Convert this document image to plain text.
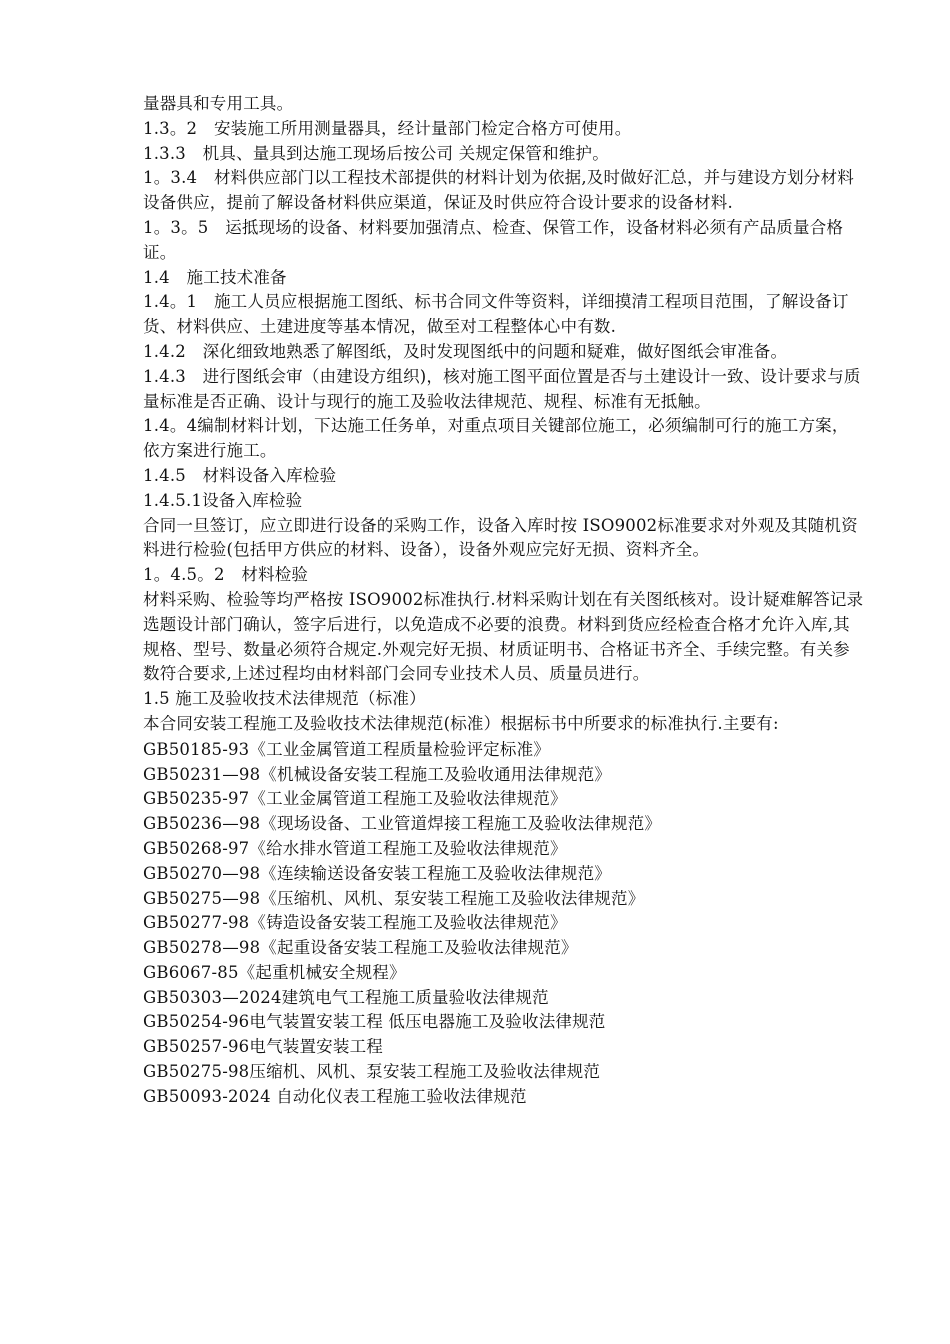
量器具和专用工具。
1.3。2　安装施工所用测量器具，经计量部门检定合格方可使用。
1.3.3　机具、量具到达施工现场后按公司 关规定保管和维护。
1。3.4　材料供应部门以工程技术部提供的材料计划为依据,及时做好汇总，并与建设方划分材料设备供应，提前了解设备材料供应渠道，保证及时供应符合设计要求的设备材料.
1。3。5　运抵现场的设备、材料要加强清点、检查、保管工作，设备材料必须有产品质量合格证。
1.4　施工技术准备
1.4。1　施工人员应根据施工图纸、标书合同文件等资料，详细摸清工程项目范围，了解设备订货、材料供应、土建进度等基本情况，做至对工程整体心中有数.
1.4.2　深化细致地熟悉了解图纸，及时发现图纸中的问题和疑难，做好图纸会审准备。
1.4.3　进行图纸会审（由建设方组织)，核对施工图平面位置是否与土建设计一致、设计要求与质量标准是否正确、设计与现行的施工及验收法律规范、规程、标准有无抵触。
1.4。4编制材料计划，下达施工任务单，对重点项目关键部位施工，必须编制可行的施工方案，依方案进行施工。
1.4.5　材料设备入库检验
1.4.5.1设备入库检验
合同一旦签订，应立即进行设备的采购工作，设备入库时按 ISO9002标准要求对外观及其随机资料进行检验(包括甲方供应的材料、设备），设备外观应完好无损、资料齐全。
1。4.5。2　材料检验
材料采购、检验等均严格按 ISO9002标准执行.材料采购计划在有关图纸核对。设计疑难解答记录选题设计部门确认，签字后进行，以免造成不必要的浪费。材料到货应经检查合格才允许入库,其规格、型号、数量必须符合规定.外观完好无损、材质证明书、合格证书齐全、手续完整。有关参数符合要求,上述过程均由材料部门会同专业技术人员、质量员进行。
1.5 施工及验收技术法律规范（标准）
本合同安装工程施工及验收技术法律规范(标准）根据标书中所要求的标准执行.主要有:
GB50185-93《工业金属管道工程质量检验评定标准》
GB50231—98《机械设备安装工程施工及验收通用法律规范》
GB50235-97《工业金属管道工程施工及验收法律规范》
GB50236—98《现场设备、工业管道焊接工程施工及验收法律规范》
GB50268-97《给水排水管道工程施工及验收法律规范》
GB50270—98《连续输送设备安装工程施工及验收法律规范》
GB50275—98《压缩机、风机、泵安装工程施工及验收法律规范》
GB50277-98《铸造设备安装工程施工及验收法律规范》
GB50278—98《起重设备安装工程施工及验收法律规范》
GB6067-85《起重机械安全规程》
GB50303—2024建筑电气工程施工质量验收法律规范
GB50254-96电气装置安装工程 低压电器施工及验收法律规范
GB50257-96电气装置安装工程
GB50275-98压缩机、风机、泵安装工程施工及验收法律规范
GB50093-2024 自动化仪表工程施工验收法律规范
